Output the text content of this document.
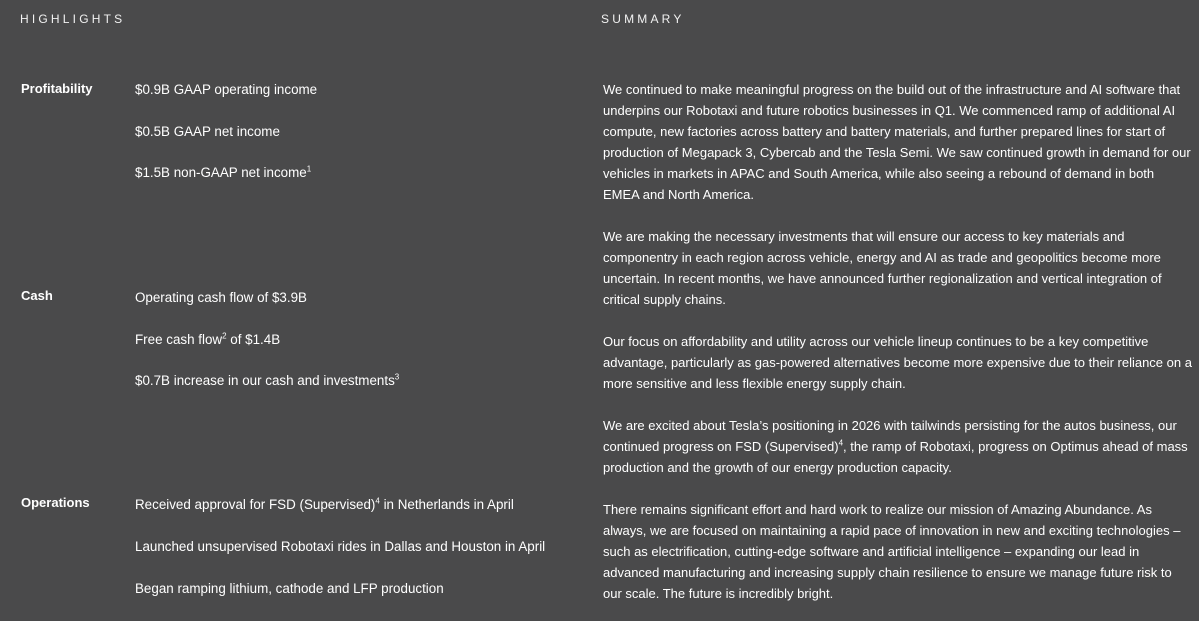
HIGHLIGHTS	SUMMARY
Profitability	$0.9B GAAP operating income
$0.5B GAAP net income
$1.5B non-GAAP net income$^1$
Cash	Operating cash flow of $3.9B
Free cash flow$^2$ of $1.4B
$0.7B increase in our cash and investments$^3$
Operations	Received approval for FSD (Supervised)$^4$ in Netherlands in April
Launched unsupervised Robotaxi rides in Dallas and Houston in April
Began ramping lithium, cathode and LFP production

We continued to make meaningful progress on the build out of the infrastructure and AI software that underpins our Robotaxi and future robotics businesses in Q1. We commenced ramp of additional AI compute, new factories across battery and battery materials, and further prepared lines for start of production of Megapack 3, Cybercab and the Tesla Semi. We saw continued growth in demand for our vehicles in markets in APAC and South America, while also seeing a rebound of demand in both EMEA and North America.

We are making the necessary investments that will ensure our access to key materials and componentry in each region across vehicle, energy and AI as trade and geopolitics become more uncertain. In recent months, we have announced further regionalization and vertical integration of critical supply chains.

Our focus on affordability and utility across our vehicle lineup continues to be a key competitive advantage, particularly as gas-powered alternatives become more expensive due to their reliance on a more sensitive and less flexible energy supply chain.

We are excited about Tesla’s positioning in 2026 with tailwinds persisting for the autos business, our continued progress on FSD (Supervised)$^4$, the ramp of Robotaxi, progress on Optimus ahead of mass production and the growth of our energy production capacity.

There remains significant effort and hard work to realize our mission of Amazing Abundance. As always, we are focused on maintaining a rapid pace of innovation in new and exciting technologies – such as electrification, cutting-edge software and artificial intelligence – expanding our lead in advanced manufacturing and increasing supply chain resilience to ensure we manage future risk to our scale. The future is incredibly bright.
